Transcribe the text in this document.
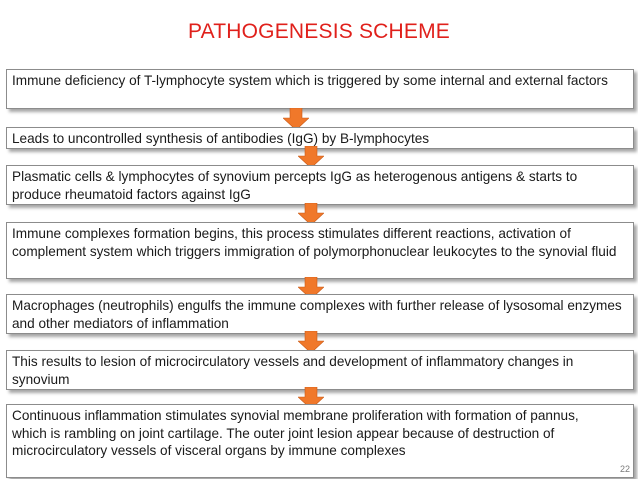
PATHOGENESIS SCHEME
Immune deficiency of T-lymphocyte system which is triggered by some internal and external factors
Leads to uncontrolled synthesis of antibodies (IgG) by B-lymphocytes
Plasmatic cells & lymphocytes of synovium percepts IgG as heterogenous antigens & starts to produce rheumatoid factors against IgG
Immune complexes formation begins, this process stimulates different reactions, activation of complement system which triggers immigration of polymorphonuclear leukocytes to the synovial fluid
Macrophages (neutrophils) engulfs the immune complexes with further release of lysosomal enzymes and other mediators of inflammation
This results to lesion of microcirculatory vessels and development of inflammatory changes in synovium
Continuous inflammation stimulates synovial membrane proliferation with formation of pannus, which is rambling on joint cartilage. The outer joint lesion appear because of destruction of microcirculatory vessels of visceral organs by immune complexes
22
